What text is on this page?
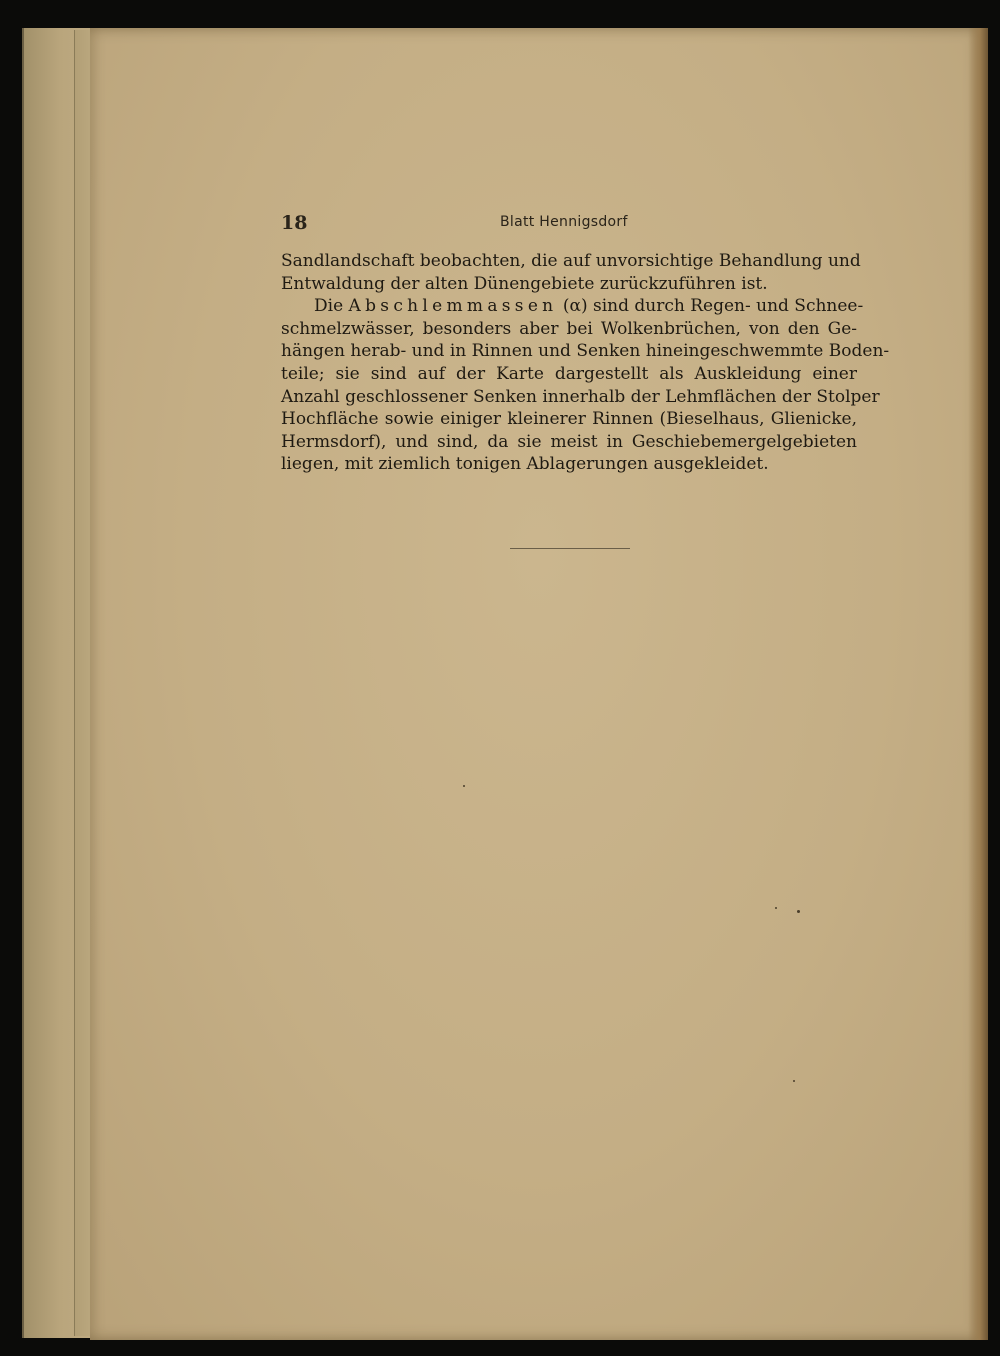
18	Blatt Hennigsdorf
Sandlandschaft beobachten, die auf unvorsichtige Behandlung und
Entwaldung der alten Dünengebiete zurückzuführen ist.
Die Abschlemmassen (α) sind durch Regen- und Schnee-
schmelzwässer, besonders aber bei Wolkenbrüchen, von den Ge-
hängen herab- und in Rinnen und Senken hineingeschwemmte Boden-
teile; sie sind auf der Karte dargestellt als Auskleidung einer
Anzahl geschlossener Senken innerhalb der Lehmflächen der Stolper
Hochfläche sowie einiger kleinerer Rinnen (Bieselhaus, Glienicke,
Hermsdorf), und sind, da sie meist in Geschiebemergelgebieten
liegen, mit ziemlich tonigen Ablagerungen ausgekleidet.
